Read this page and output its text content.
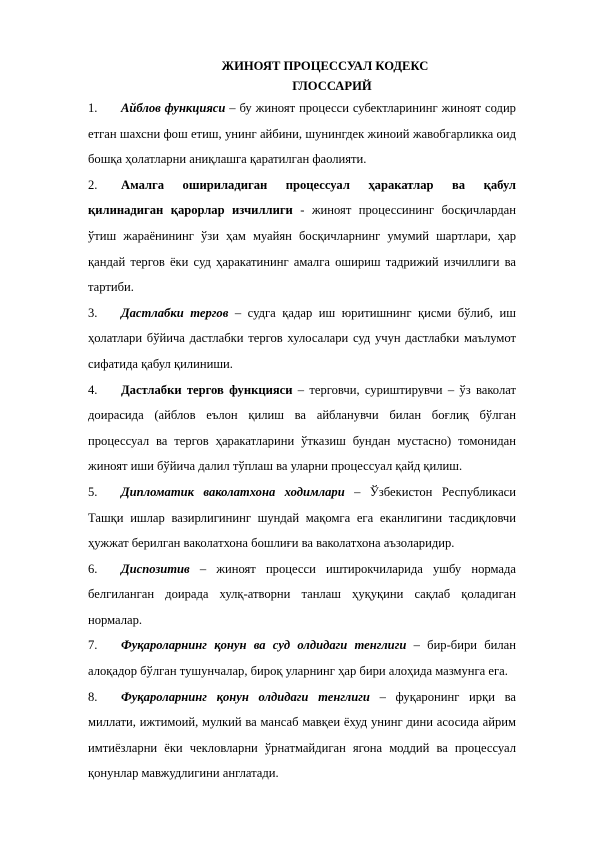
ЖИНОЯТ ПРОЦЕССУАЛ КОДЕКС
ГЛОССАРИЙ

1. Айблов функцияси – бу жиноят процесси субектларининг жиноят содир етган шахсни фош етиш, унинг айбини, шунингдек жиноий жавобгарликка оид бошқа ҳолатларни аниқлашга қаратилган фаолияти.

2. Амалга ошириладиган процессуал ҳаракатлар ва қабул қилинадиган қарорлар изчиллиги - жиноят процессининг босқичлардан ўтиш жараёнининг ўзи ҳам муайян босқичларнинг умумий шартлари, ҳар қандай тергов ёки суд ҳаракатининг амалга ошириш тадрижий изчиллиги ва тартиби.

3. Дастлабки тергов – судга қадар иш юритишнинг қисми бўлиб, иш ҳолатлари бўйича дастлабки тергов хулосалари суд учун дастлабки маълумот сифатида қабул қилиниши.

4. Дастлабки тергов функцияси – терговчи, суриштирувчи – ўз ваколат доирасида (айблов еълон қилиш ва айбланувчи билан боғлиқ бўлган процессуал ва тергов ҳаракатларини ўтказиш бундан мустасно) томонидан жиноят иши бўйича далил тўплаш ва уларни процессуал қайд қилиш.

5. Дипломатик ваколатхона ходимлари – Ўзбекистон Республикаси Ташқи ишлар вазирлигининг шундай мақомга ега еканлигини тасдиқловчи ҳужжат берилган ваколатхона бошлиғи ва ваколатхона аъзоларидир.

6. Диспозитив – жиноят процесси иштирокчиларида ушбу нормада белгиланган доирада хулқ-атворни танлаш ҳуқуқини сақлаб қоладиган нормалар.

7. Фуқароларнинг қонун ва суд олдидаги тенглиги – бир-бири билан алоқадор бўлган тушунчалар, бироқ уларнинг ҳар бири алоҳида мазмунга ега.

8. Фуқароларнинг қонун олдидаги тенглиги – фуқаронинг ирқи ва миллати, ижтимоий, мулкий ва мансаб мавқеи ёхуд унинг дини асосида айрим имтиёзларни ёки чекловларни ўрнатмайдиган ягона моддий ва процессуал қонунлар мавжудлигини англатади.
